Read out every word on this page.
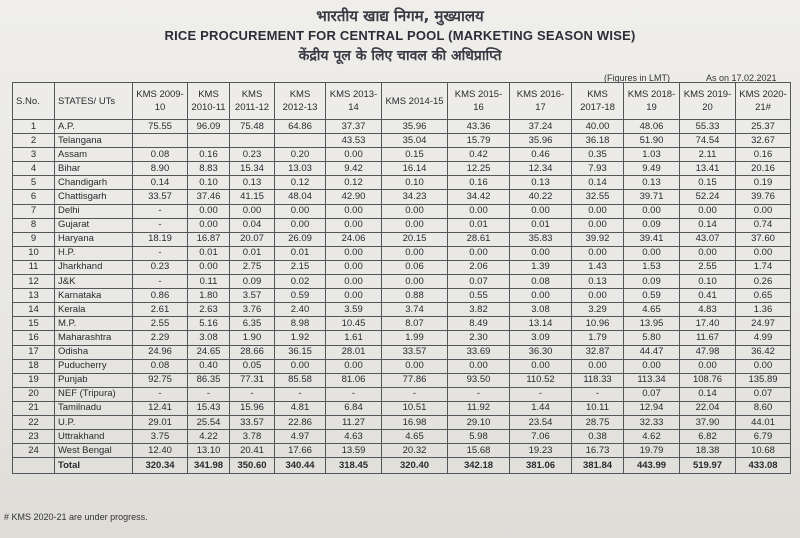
भारतीय खाद्य निगम, मुख्यालय
RICE PROCUREMENT FOR CENTRAL POOL (MARKETING SEASON WISE)
केंद्रीय पूल के लिए चावल की अधिप्राप्ति
(Figures in LMT)	As on 17.02.2021
S.No.	STATES/ UTs	KMS 2009-10	KMS 2010-11	KMS 2011-12	KMS 2012-13	KMS 2013-14	KMS 2014-15	KMS 2015-16	KMS 2016-17	KMS 2017-18	KMS 2018-19	KMS 2019-20	KMS 2020-21#
1	A.P.	75.55	96.09	75.48	64.86	37.37	35.96	43.36	37.24	40.00	48.06	55.33	25.37
2	Telangana					43.53	35.04	15.79	35.96	36.18	51.90	74.54	32.67
3	Assam	0.08	0.16	0.23	0.20	0.00	0.15	0.42	0.46	0.35	1.03	2.11	0.16
4	Bihar	8.90	8.83	15.34	13.03	9.42	16.14	12.25	12.34	7.93	9.49	13.41	20.16
5	Chandigarh	0.14	0.10	0.13	0.12	0.12	0.10	0.16	0.13	0.14	0.13	0.15	0.19
6	Chattisgarh	33.57	37.46	41.15	48.04	42.90	34.23	34.42	40.22	32.55	39.71	52.24	39.76
7	Delhi	-	0.00	0.00	0.00	0.00	0.00	0.00	0.00	0.00	0.00	0.00	0.00
8	Gujarat	-	0.00	0.04	0.00	0.00	0.00	0.01	0.01	0.00	0.09	0.14	0.74
9	Haryana	18.19	16.87	20.07	26.09	24.06	20.15	28.61	35.83	39.92	39.41	43.07	37.60
10	H.P.	-	0.01	0.01	0.01	0.00	0.00	0.00	0.00	0.00	0.00	0.00	0.00
11	Jharkhand	0.23	0.00	2.75	2.15	0.00	0.06	2.06	1.39	1.43	1.53	2.55	1.74
12	J&K	-	0.11	0.09	0.02	0.00	0.00	0.07	0.08	0.13	0.09	0.10	0.26
13	Karnataka	0.86	1.80	3.57	0.59	0.00	0.88	0.55	0.00	0.00	0.59	0.41	0.65
14	Kerala	2.61	2.63	3.76	2.40	3.59	3.74	3.82	3.08	3.29	4.65	4.83	1.36
15	M.P.	2.55	5.16	6.35	8.98	10.45	8.07	8.49	13.14	10.96	13.95	17.40	24.97
16	Maharashtra	2.29	3.08	1.90	1.92	1.61	1.99	2.30	3.09	1.79	5.80	11.67	4.99
17	Odisha	24.96	24.65	28.66	36.15	28.01	33.57	33.69	36.30	32.87	44.47	47.98	36.42
18	Puducherry	0.08	0.40	0.05	0.00	0.00	0.00	0.00	0.00	0.00	0.00	0.00	0.00
19	Punjab	92.75	86.35	77.31	85.58	81.06	77.86	93.50	110.52	118.33	113.34	108.76	135.89
20	NEF (Tripura)	-	-	-	-	-	-	-	-	-	0.07	0.14	0.07
21	Tamilnadu	12.41	15.43	15.96	4.81	6.84	10.51	11.92	1.44	10.11	12.94	22.04	8.60
22	U.P.	29.01	25.54	33.57	22.86	11.27	16.98	29.10	23.54	28.75	32.33	37.90	44.01
23	Uttrakhand	3.75	4.22	3.78	4.97	4.63	4.65	5.98	7.06	0.38	4.62	6.82	6.79
24	West Bengal	12.40	13.10	20.41	17.66	13.59	20.32	15.68	19.23	16.73	19.79	18.38	10.68
	Total	320.34	341.98	350.60	340.44	318.45	320.40	342.18	381.06	381.84	443.99	519.97	433.08
# KMS 2020-21 are under progress.
